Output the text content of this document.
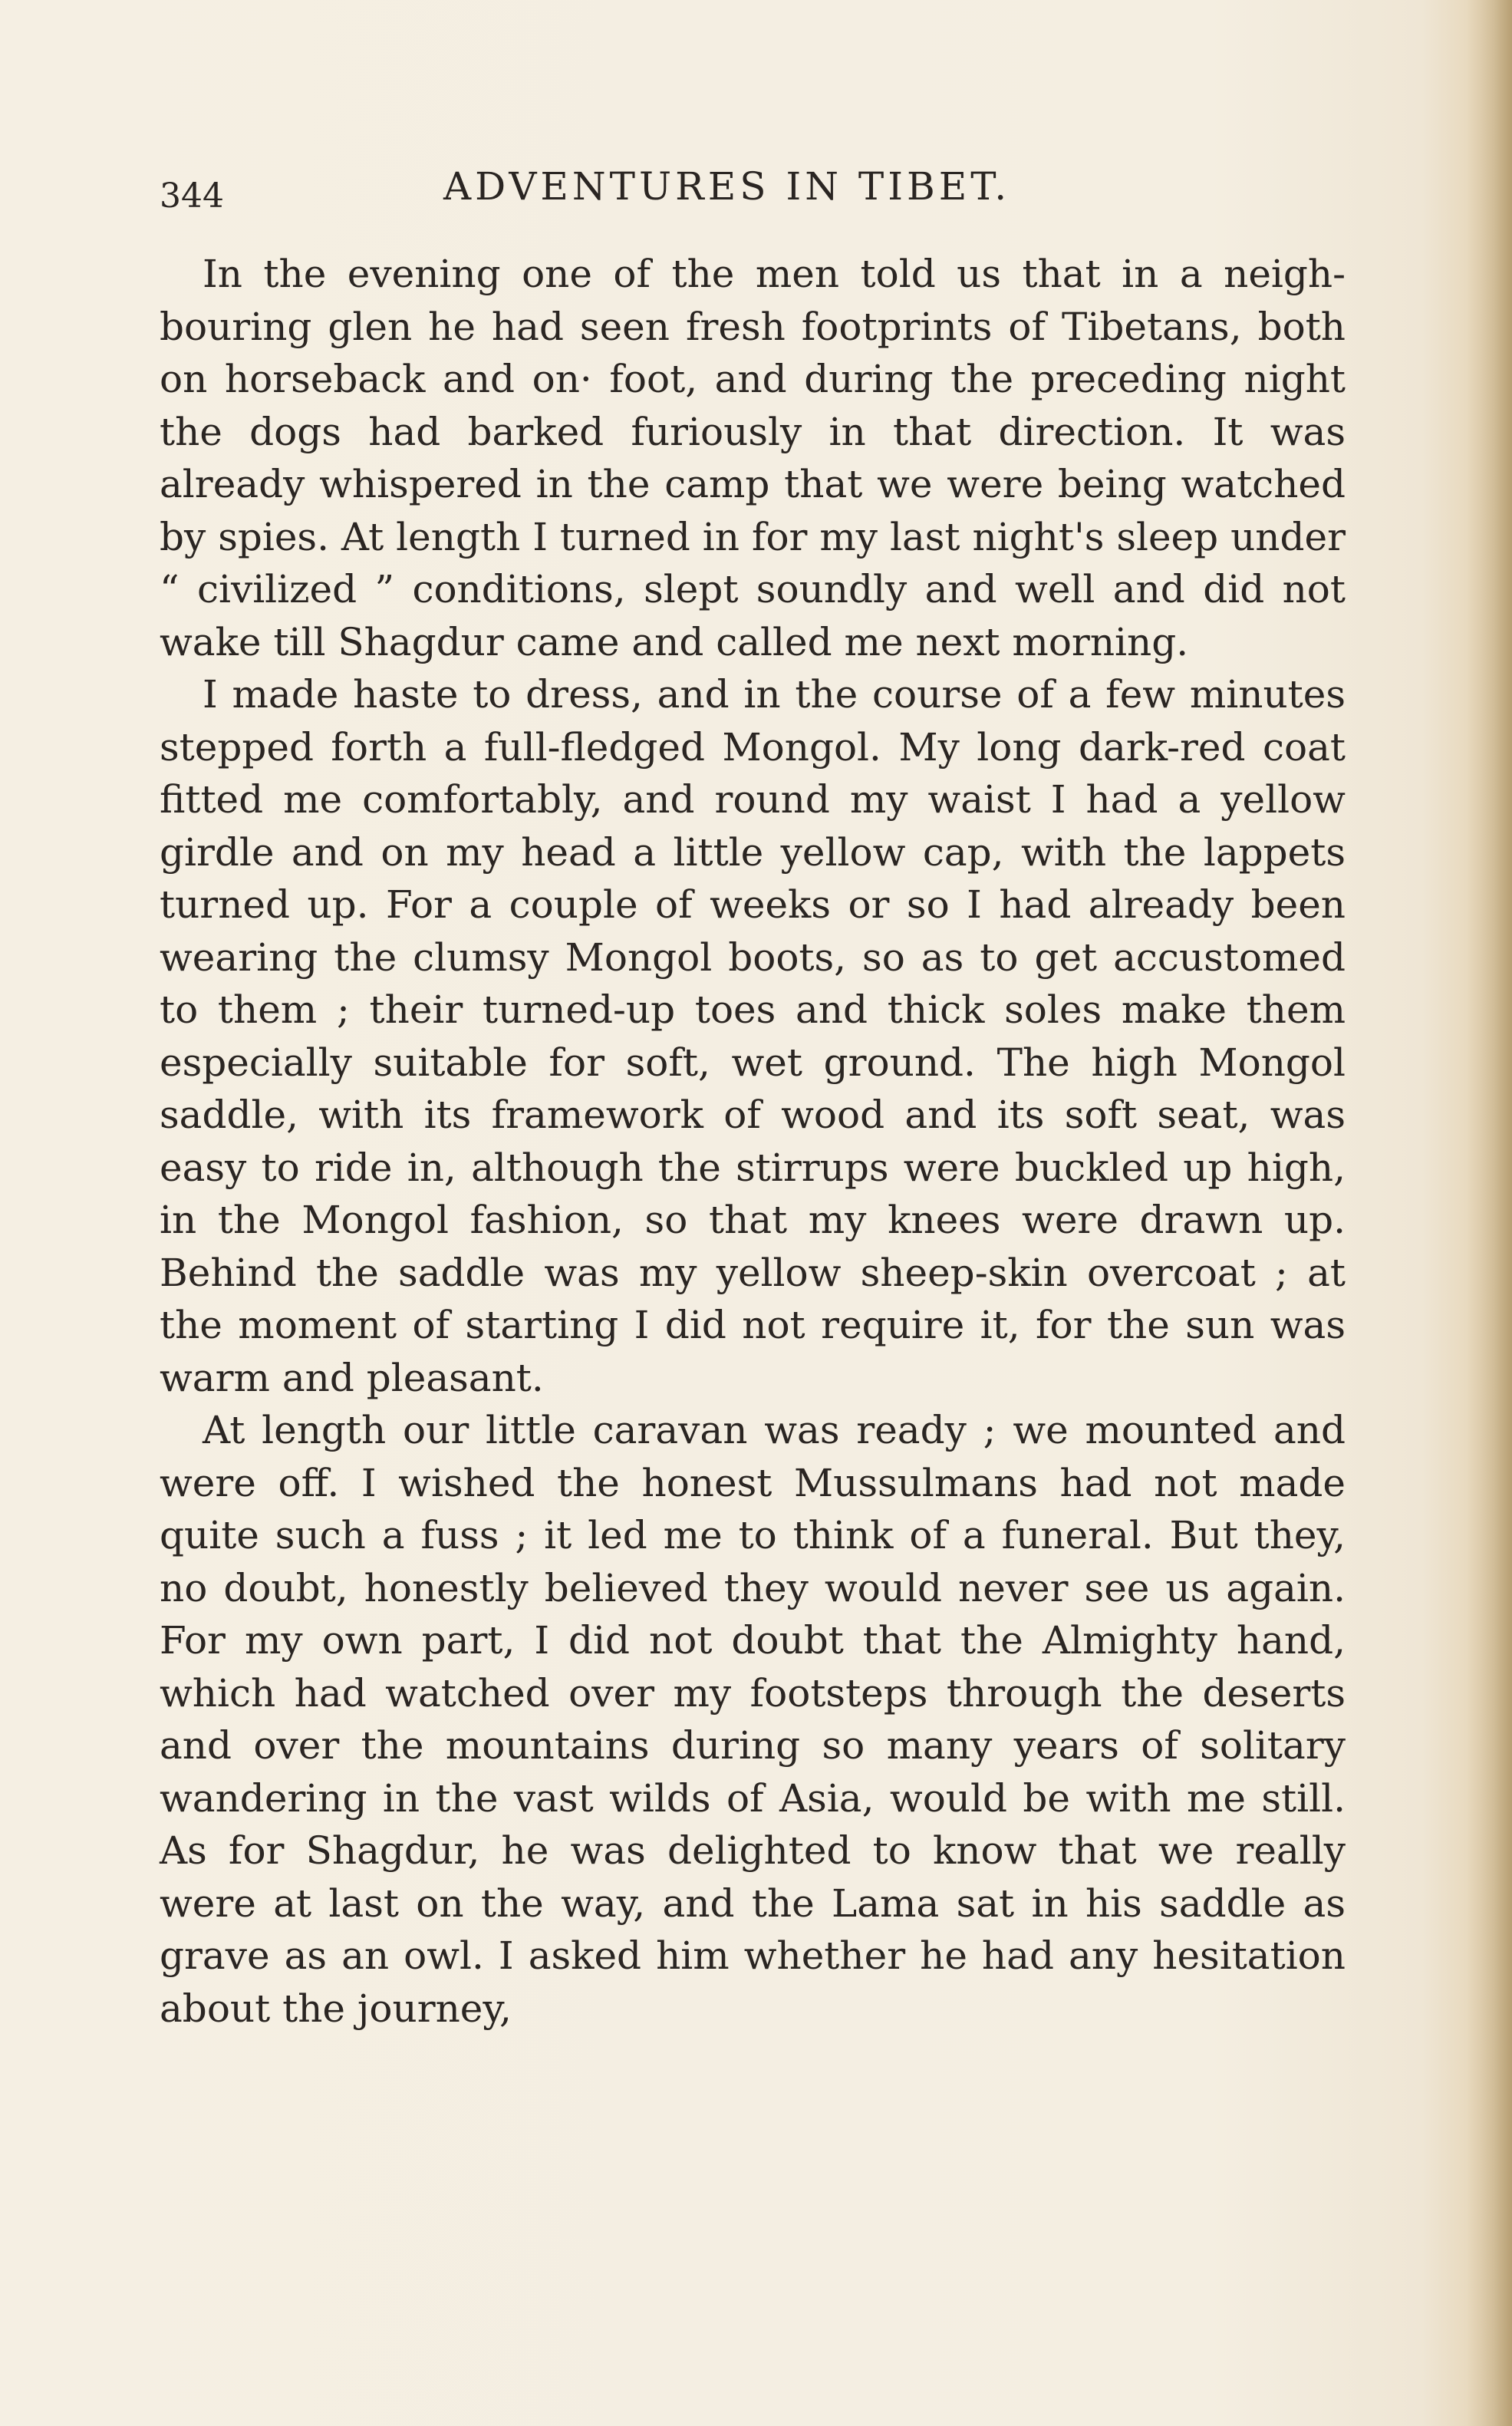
344	ADVENTURES IN TIBET.

In the evening one of the men told us that in a neigh- bouring glen he had seen fresh footprints of Tibetans, both on horseback and on· foot, and during the preceding night the dogs had barked furiously in that direction. It was already whispered in the camp that we were being watched by spies. At length I turned in for my last night's sleep under “ civilized ” conditions, slept soundly and well and did not wake till Shagdur came and called me next morning.

I made haste to dress, and in the course of a few minutes stepped forth a full-fledged Mongol. My long dark-red coat fitted me comfortably, and round my waist I had a yellow girdle and on my head a little yellow cap, with the lappets turned up. For a couple of weeks or so I had already been wearing the clumsy Mongol boots, so as to get accustomed to them ; their turned-up toes and thick soles make them especially suitable for soft, wet ground. The high Mongol saddle, with its framework of wood and its soft seat, was easy to ride in, although the stirrups were buckled up high, in the Mongol fashion, so that my knees were drawn up. Behind the saddle was my yellow sheep-skin overcoat ; at the moment of starting I did not require it, for the sun was warm and pleasant.

At length our little caravan was ready ; we mounted and were off. I wished the honest Mussulmans had not made quite such a fuss ; it led me to think of a funeral. But they, no doubt, honestly believed they would never see us again. For my own part, I did not doubt that the Almighty hand, which had watched over my footsteps through the deserts and over the mountains during so many years of solitary wandering in the vast wilds of Asia, would be with me still. As for Shagdur, he was delighted to know that we really were at last on the way, and the Lama sat in his saddle as grave as an owl. I asked him whether he had any hesitation about the journey,
